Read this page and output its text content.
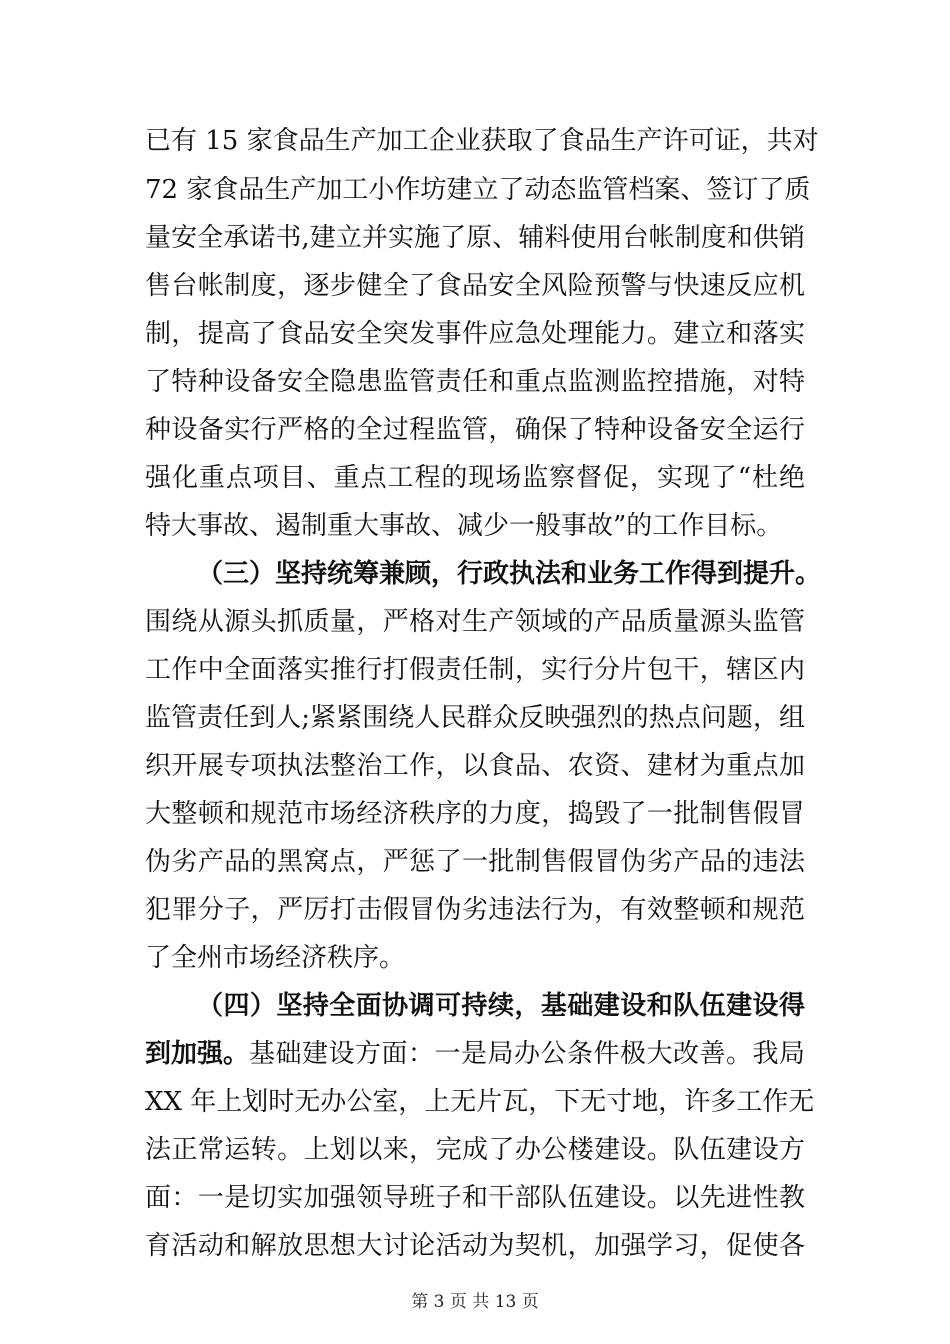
已有 15 家食品生产加工企业获取了食品生产许可证，共对
72 家食品生产加工小作坊建立了动态监管档案、签订了质
量安全承诺书,建立并实施了原、辅料使用台帐制度和供销
售台帐制度，逐步健全了食品安全风险预警与快速反应机
制，提高了食品安全突发事件应急处理能力。建立和落实
了特种设备安全隐患监管责任和重点监测监控措施，对特
种设备实行严格的全过程监管，确保了特种设备安全运行
强化重点项目、重点工程的现场监察督促，实现了“杜绝
特大事故、遏制重大事故、减少一般事故”的工作目标。
（三）坚持统筹兼顾，行政执法和业务工作得到提升。
围绕从源头抓质量，严格对生产领域的产品质量源头监管
工作中全面落实推行打假责任制，实行分片包干，辖区内
监管责任到人;紧紧围绕人民群众反映强烈的热点问题，组
织开展专项执法整治工作，以食品、农资、建材为重点加
大整顿和规范市场经济秩序的力度，捣毁了一批制售假冒
伪劣产品的黑窝点，严惩了一批制售假冒伪劣产品的违法
犯罪分子，严厉打击假冒伪劣违法行为，有效整顿和规范
了全州市场经济秩序。
（四）坚持全面协调可持续，基础建设和队伍建设得
到加强。 基础建设方面：一是局办公条件极大改善。我局
XX 年上划时无办公室，上无片瓦，下无寸地，许多工作无
法正常运转。上划以来，完成了办公楼建设。队伍建设方
面：一是切实加强领导班子和干部队伍建设。以先进性教
育活动和解放思想大讨论活动为契机，加强学习，促使各
第 3 页 共 13 页
